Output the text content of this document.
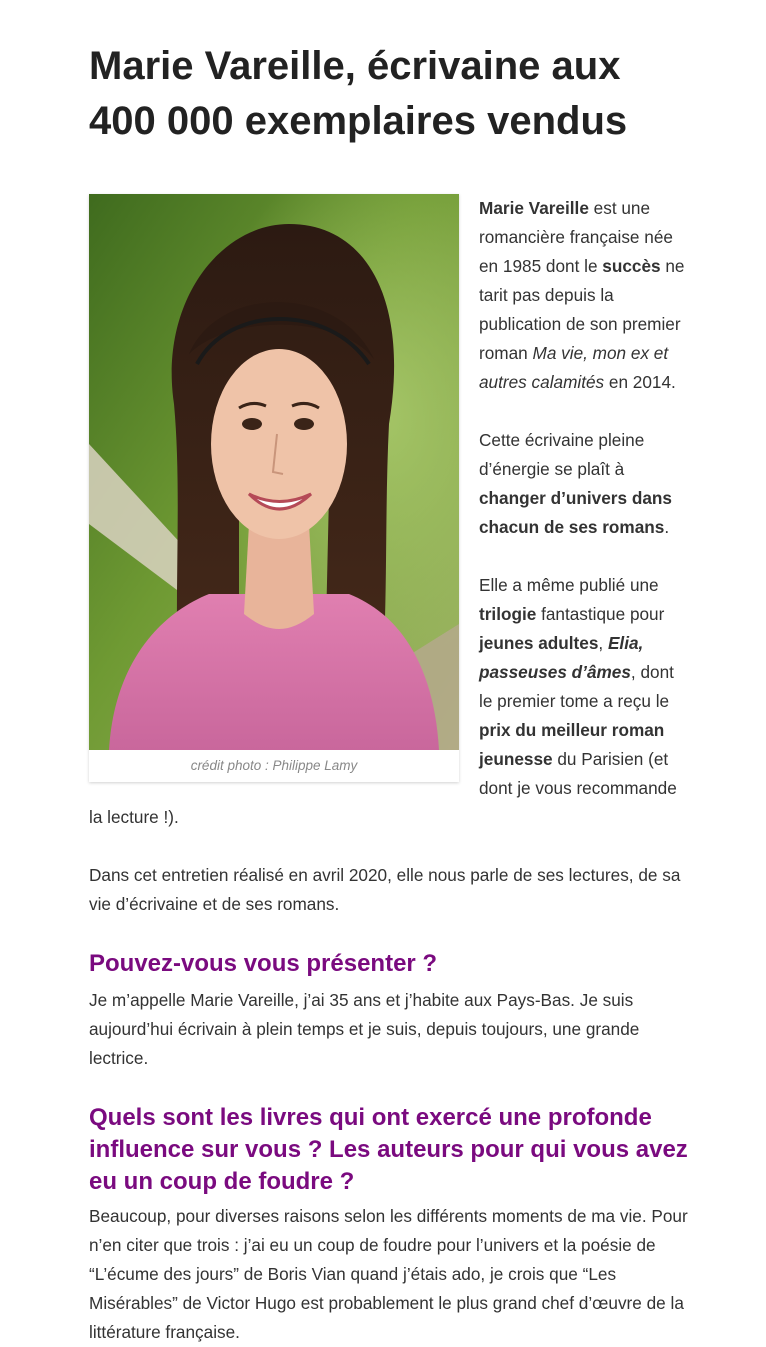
Marie Vareille, écrivaine aux 400 000 exemplaires vendus
crédit photo : Philippe Lamy

Marie Vareille est une romancière française née en 1985 dont le succès ne tarit pas depuis la publication de son premier roman Ma vie, mon ex et autres calamités en 2014.

Cette écrivaine pleine d’énergie se plaît à changer d’univers dans chacun de ses romans.

Elle a même publié une trilogie fantastique pour jeunes adultes, Elia, passeuses d’âmes, dont le premier tome a reçu le prix du meilleur roman jeunesse du Parisien (et dont je vous recommande la lecture !).

Dans cet entretien réalisé en avril 2020, elle nous parle de ses lectures, de sa vie d’écrivaine et de ses romans.

Pouvez-vous vous présenter ?

Je m’appelle Marie Vareille, j’ai 35 ans et j’habite aux Pays-Bas. Je suis aujourd’hui écrivain à plein temps et je suis, depuis toujours, une grande lectrice.

Quels sont les livres qui ont exercé une profonde influence sur vous ? Les auteurs pour qui vous avez eu un coup de foudre ?

Beaucoup, pour diverses raisons selon les différents moments de ma vie. Pour n’en citer que trois : j’ai eu un coup de foudre pour l’univers et la poésie de “L’écume des jours” de Boris Vian quand j’étais ado, je crois que “Les Misérables” de Victor Hugo est probablement le plus grand chef d’œuvre de la littérature française.
